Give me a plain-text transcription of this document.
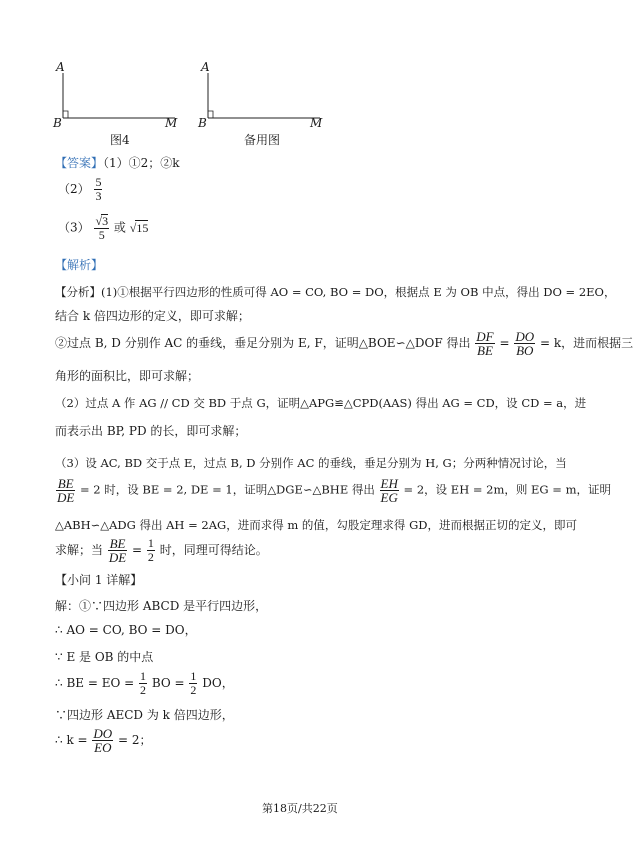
A
B	M
图4
A
B	M
备用图
【答案】（1）①2；②k
$(2) \frac{5}{3}$
$(3) \frac{√3}{5}$ 或 √15
【解析】
【分析】(1)①根据平行四边形的性质可得 AO = CO, BO = DO，根据点 E 为 OB 中点，得出 DO = 2EO，
结合 k 倍四边形的定义，即可求解；
②过点 B, D 分别作 AC 的垂线，垂足分别为 E, F，证明△BOE∽△DOF 得出 $\frac{DF}{BE} = \frac{DO}{BO} = k$，进而根据三
角形的面积比，即可求解；
（2）过点 A 作 AG // CD 交 BD 于点 G，证明△APG≌△CPD(AAS) 得出 AG = CD，设 CD = a，进
而表示出 BP, PD 的长，即可求解；
（3）设 AC, BD 交于点 E，过点 B, D 分别作 AC 的垂线，垂足分别为 H, G；分两种情况讨论，当
$\frac{BE}{DE} = 2$ 时，设 BE = 2, DE = 1，证明△DGE∽△BHE 得出 $\frac{EH}{EG} = 2$，设 EH = 2m，则 EG = m，证明
△ABH∽△ADG 得出 AH = 2AG，进而求得 m 的值，勾股定理求得 GD，进而根据正切的定义，即可
求解；当 $\frac{BE}{DE} = \frac{1}{2}$ 时，同理可得结论。
【小问 1 详解】
解：①∵四边形 ABCD 是平行四边形，
∴ AO = CO, BO = DO，
∵ E 是 OB 的中点
∴ BE = EO = $\frac{1}{2}$ BO = $\frac{1}{2}$ DO，
∵四边形 AECD 为 k 倍四边形，
∴ $k = \frac{DO}{EO} = 2$；
第18页/共22页
